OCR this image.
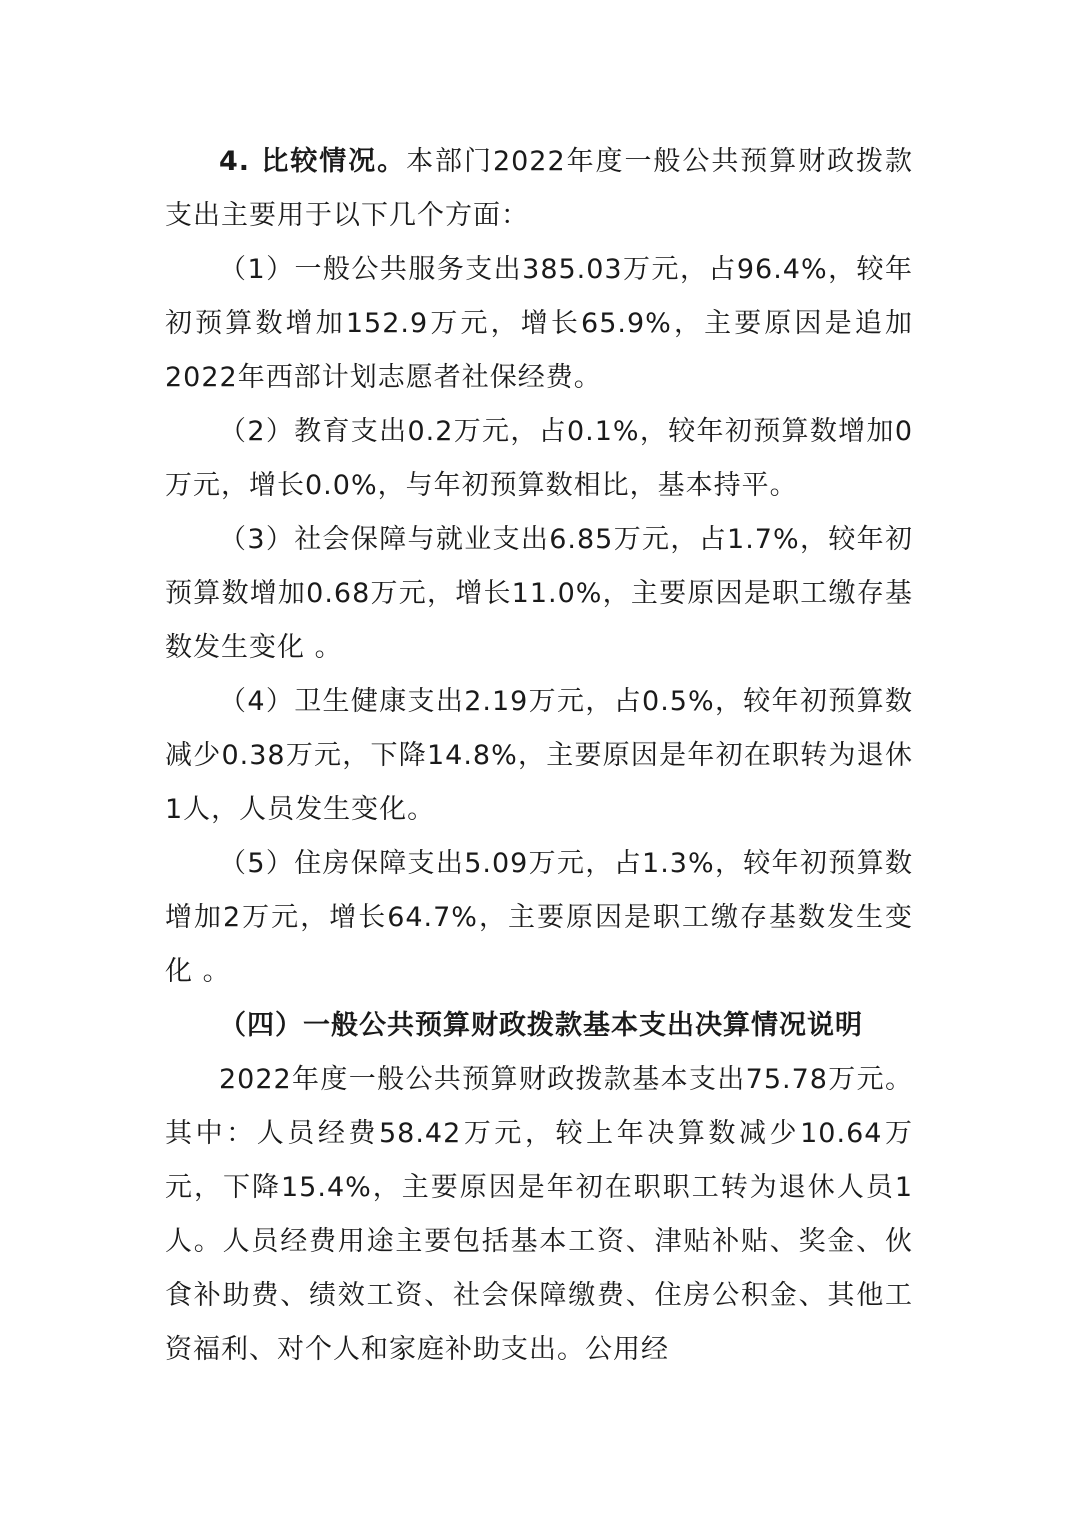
4. 比较情况。本部门2022年度一般公共预算财政拨款支出主要用于以下几个方面：

（1）一般公共服务支出385.03万元，占96.4%，较年初预算数增加152.9万元，增长65.9%，主要原因是追加2022年西部计划志愿者社保经费。

（2）教育支出0.2万元，占0.1%，较年初预算数增加0万元，增长0.0%，与年初预算数相比，基本持平。

（3）社会保障与就业支出6.85万元，占1.7%，较年初预算数增加0.68万元，增长11.0%，主要原因是职工缴存基数发生变化 。

（4）卫生健康支出2.19万元，占0.5%，较年初预算数减少0.38万元，下降14.8%，主要原因是年初在职转为退休1人，人员发生变化。

（5）住房保障支出5.09万元，占1.3%，较年初预算数增加2万元，增长64.7%，主要原因是职工缴存基数发生变化 。

（四）一般公共预算财政拨款基本支出决算情况说明

2022年度一般公共预算财政拨款基本支出75.78万元。其中：人员经费58.42万元，较上年决算数减少10.64万元，下降15.4%，主要原因是年初在职职工转为退休人员1人。人员经费用途主要包括基本工资、津贴补贴、奖金、伙食补助费、绩效工资、社会保障缴费、住房公积金、其他工资福利、对个人和家庭补助支出。公用经
